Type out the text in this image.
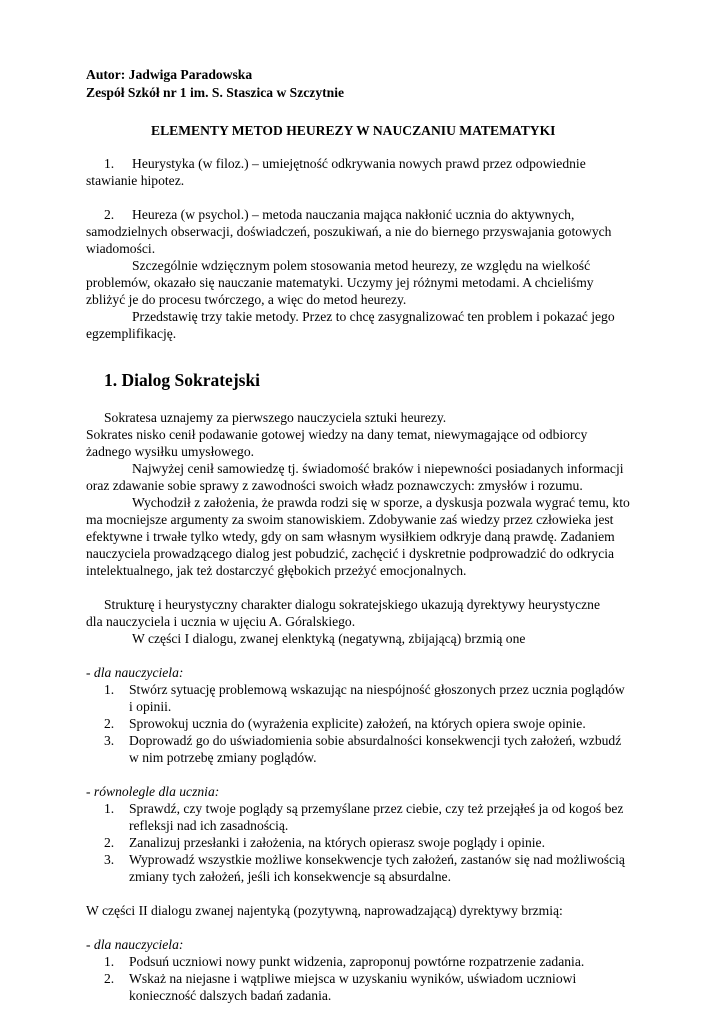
Autor: Jadwiga Paradowska
Zespół Szkół nr 1 im. S. Staszica w Szczytnie
ELEMENTY METOD HEUREZY W NAUCZANIU MATEMATYKI
1. Heurystyka (w filoz.) – umiejętność odkrywania nowych prawd przez odpowiednie
stawianie hipotez.
2. Heureza (w psychol.) – metoda nauczania mająca nakłonić ucznia do aktywnych,
samodzielnych obserwacji, doświadczeń, poszukiwań, a nie do biernego przyswajania gotowych
wiadomości.
Szczególnie wdzięcznym polem stosowania metod heurezy, ze względu na wielkość
problemów, okazało się nauczanie matematyki. Uczymy jej różnymi metodami. A chcieliśmy
zbliżyć je do procesu twórczego, a więc do metod heurezy.
Przedstawię trzy takie metody. Przez to chcę zasygnalizować ten problem i pokazać jego
egzemplifikację.
1. Dialog Sokratejski
Sokratesa uznajemy za pierwszego nauczyciela sztuki heurezy.
Sokrates nisko cenił podawanie gotowej wiedzy na dany temat, niewymagające od odbiorcy
żadnego wysiłku umysłowego.
Najwyżej cenił samowiedzę tj. świadomość braków i niepewności posiadanych informacji
oraz zdawanie sobie sprawy z zawodności swoich władz poznawczych: zmysłów i rozumu.
Wychodził z założenia, że prawda rodzi się w sporze, a dyskusja pozwala wygrać temu, kto
ma mocniejsze argumenty za swoim stanowiskiem. Zdobywanie zaś wiedzy przez człowieka jest
efektywne i trwałe tylko wtedy, gdy on sam własnym wysiłkiem odkryje daną prawdę. Zadaniem
nauczyciela prowadzącego dialog jest pobudzić, zachęcić i dyskretnie podprowadzić do odkrycia
intelektualnego, jak też dostarczyć głębokich przeżyć emocjonalnych.
Strukturę i heurystyczny charakter dialogu sokratejskiego ukazują dyrektywy heurystyczne
dla nauczyciela i ucznia w ujęciu A. Góralskiego.
W części I dialogu, zwanej elenktyką (negatywną, zbijającą) brzmią one
- dla nauczyciela:
1. Stwórz sytuację problemową wskazując na niespójność głoszonych przez ucznia poglądów
i opinii.
2. Sprowokuj ucznia do (wyrażenia explicite) założeń, na których opiera swoje opinie.
3. Doprowadź go do uświadomienia sobie absurdalności konsekwencji tych założeń, wzbudź
w nim potrzebę zmiany poglądów.
- równolegle dla ucznia:
1. Sprawdź, czy twoje poglądy są przemyślane przez ciebie, czy też przejąłeś ja od kogoś bez
refleksji nad ich zasadnością.
2. Zanalizuj przesłanki i założenia, na których opierasz swoje poglądy i opinie.
3. Wyprowadź wszystkie możliwe konsekwencje tych założeń, zastanów się nad możliwością
zmiany tych założeń, jeśli ich konsekwencje są absurdalne.
W części II dialogu zwanej najentyką (pozytywną, naprowadzającą) dyrektywy brzmią:
- dla nauczyciela:
1. Podsuń uczniowi nowy punkt widzenia, zaproponuj powtórne rozpatrzenie zadania.
2. Wskaż na niejasne i wątpliwe miejsca w uzyskaniu wyników, uświadom uczniowi
konieczność dalszych badań zadania.
